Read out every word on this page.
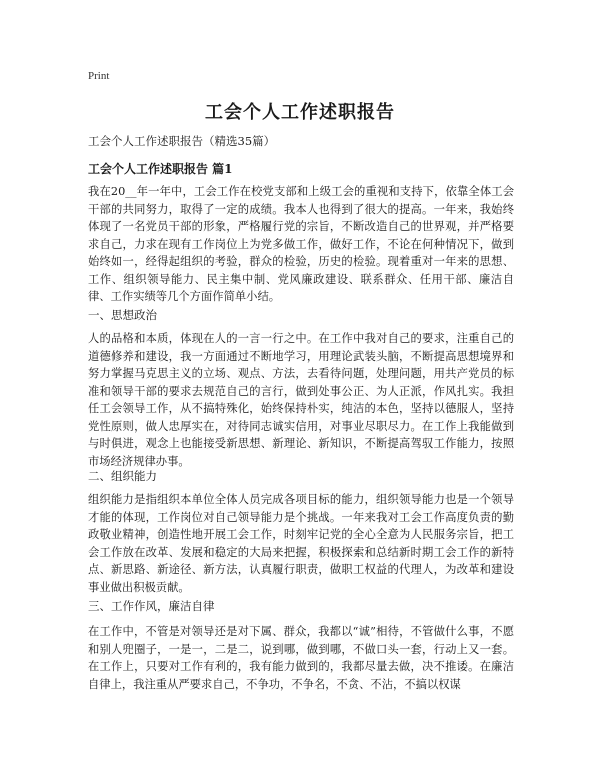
Print
工会个人工作述职报告
工会个人工作述职报告（精选35篇）
工会个人工作述职报告 篇1
我在20__年一年中，工会工作在校党支部和上级工会的重视和支持下，依靠全体工会干部的共同努力，取得了一定的成绩。我本人也得到了很大的提高。一年来，我始终体现了一名党员干部的形象，严格履行党的宗旨，不断改造自己的世界观，并严格要求自己，力求在现有工作岗位上为党多做工作，做好工作，不论在何种情况下，做到始终如一，经得起组织的考验，群众的检验，历史的检验。现着重对一年来的思想、工作、组织领导能力、民主集中制、党风廉政建设、联系群众、任用干部、廉洁自律、工作实绩等几个方面作简单小结。
一、思想政治
人的品格和本质，体现在人的一言一行之中。在工作中我对自己的要求，注重自己的道德修养和建设，我一方面通过不断地学习，用理论武装头脑，不断提高思想境界和努力掌握马克思主义的立场、观点、方法，去看待问题，处理问题，用共产党员的标准和领导干部的要求去规范自己的言行，做到处事公正、为人正派，作风扎实。我担任工会领导工作，从不搞特殊化，始终保持朴实，纯洁的本色，坚持以德服人，坚持党性原则，做人忠厚实在，对待同志诚实信用，对事业尽职尽力。在工作上我能做到与时俱进，观念上也能接受新思想、新理论、新知识，不断提高驾驭工作能力，按照市场经济规律办事。
二、组织能力
组织能力是指组织本单位全体人员完成各项目标的能力，组织领导能力也是一个领导才能的体现，工作岗位对自己领导能力是个挑战。一年来我对工会工作高度负责的勤政敬业精神，创造性地开展工会工作，时刻牢记党的全心全意为人民服务宗旨，把工会工作放在改革、发展和稳定的大局来把握，积极探索和总结新时期工会工作的新特点、新思路、新途径、新方法，认真履行职责，做职工权益的代理人，为改革和建设事业做出积极贡献。
三、工作作风，廉洁自律
在工作中，不管是对领导还是对下属、群众，我都以“诚”相待，不管做什么事，不愿和别人兜圈子，一是一，二是二，说到哪，做到哪，不做口头一套，行动上又一套。在工作上，只要对工作有利的，我有能力做到的，我都尽量去做，决不推诿。在廉洁自律上，我注重从严要求自己，不争功，不争名，不贪、不沾，不搞以权谋
